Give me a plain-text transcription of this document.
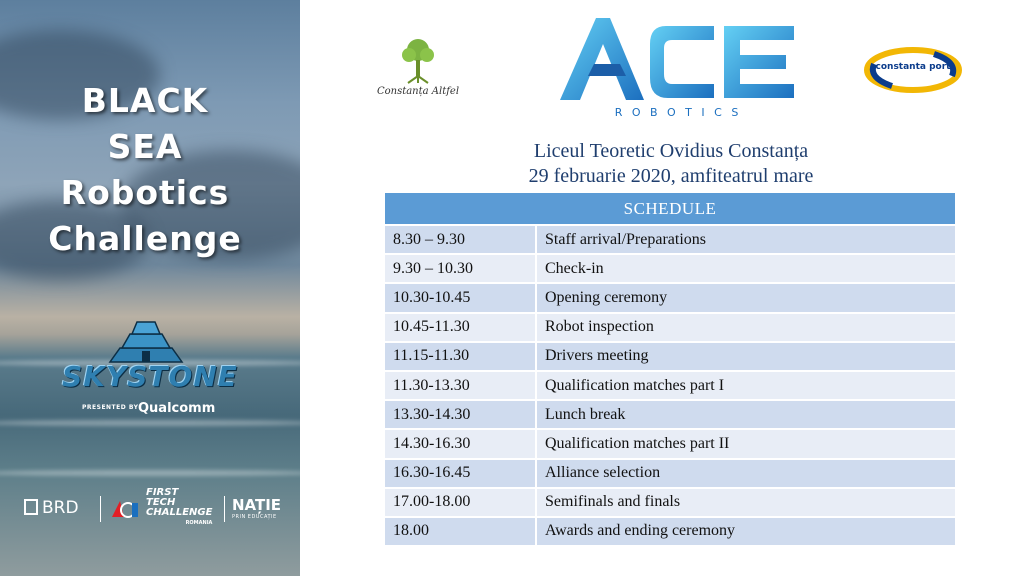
BLACK
SEA
Robotics
Challenge
SKYSTONE
PRESENTED BY Qualcomm
BRD
FIRST
TECH
CHALLENGE
ROMANIA
NAȚIE
PRIN EDUCAȚIE
Constanța Altfel
R O B O T I C S
constanta port
Liceul Teoretic Ovidius Constanța
29 februarie 2020, amfiteatrul mare
SCHEDULE	
8.30 – 9.30	Staff arrival/Preparations
9.30 – 10.30	Check-in
10.30-10.45	Opening ceremony
10.45-11.30	Robot inspection
11.15-11.30	Drivers meeting
11.30-13.30	Qualification matches part I
13.30-14.30	Lunch break
14.30-16.30	Qualification matches part II
16.30-16.45	Alliance selection
17.00-18.00	Semifinals and finals
18.00	Awards and ending ceremony
